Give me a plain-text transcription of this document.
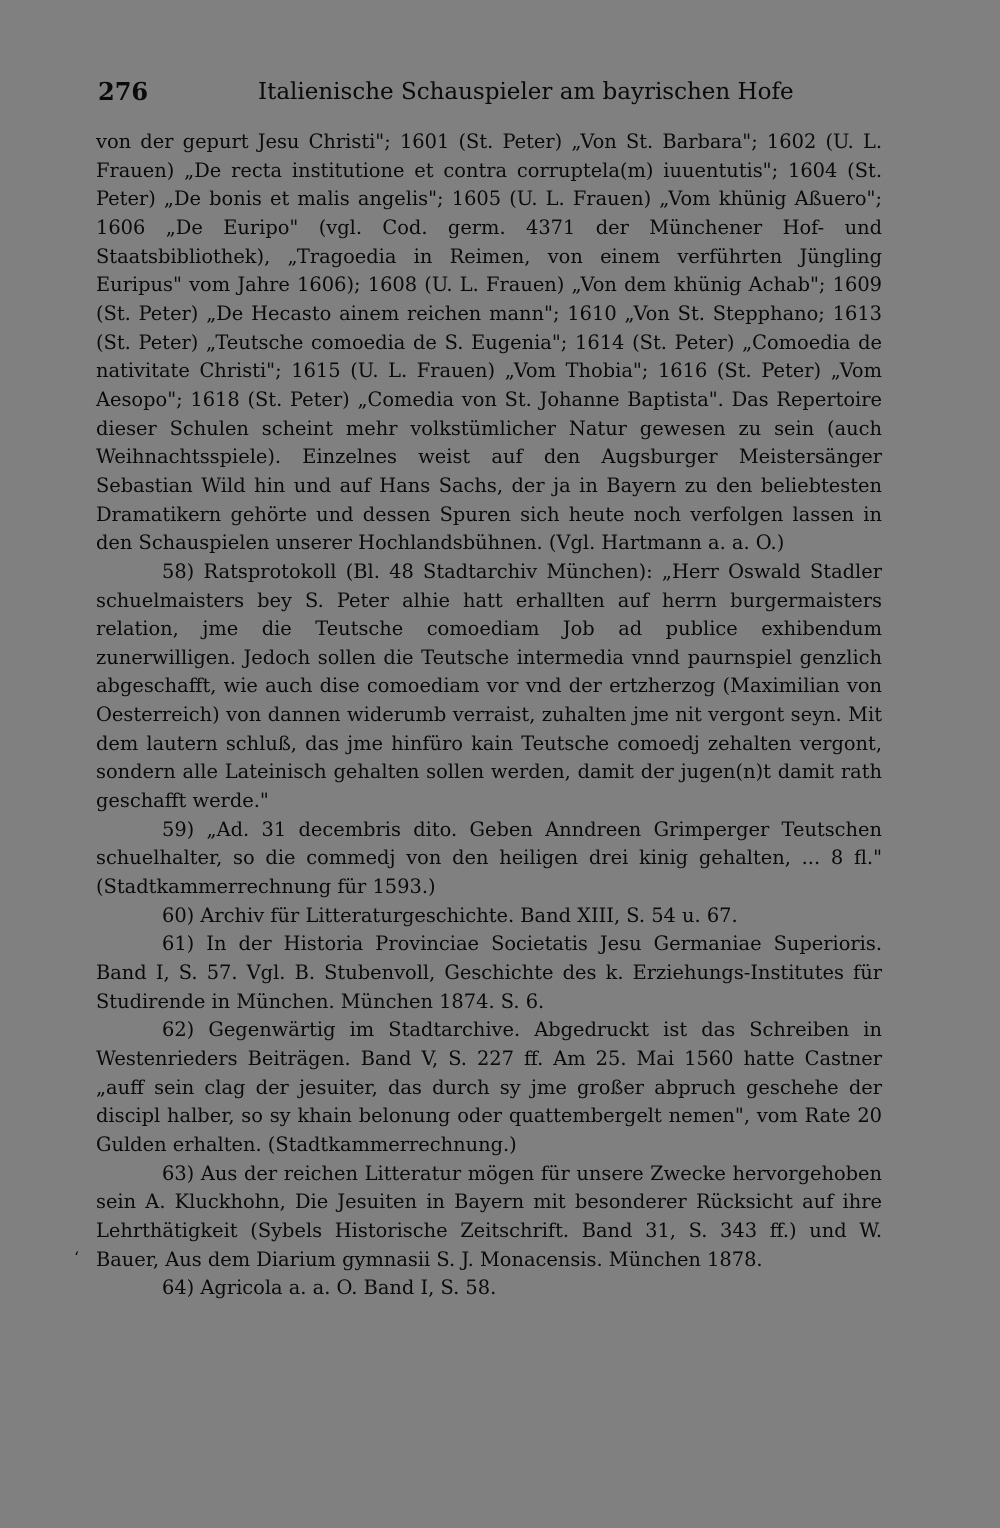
276	Italienische Schauspieler am bayrischen Hofe

von der gepurt Jesu Christi"; 1601 (St. Peter) „Von St. Barbara"; 1602 (U. L. Frauen) „De recta institutione et contra corruptela(m) iuuentutis"; 1604 (St. Peter) „De bonis et malis angelis"; 1605 (U. L. Frauen) „Vom khünig Aßuero"; 1606 „De Euripo" (vgl. Cod. germ. 4371 der Münchener Hof- und Staatsbibliothek), „Tragoedia in Reimen, von einem verführten Jüngling Euripus" vom Jahre 1606); 1608 (U. L. Frauen) „Von dem khünig Achab"; 1609 (St. Peter) „De Hecasto ainem reichen mann"; 1610 „Von St. Stepphano; 1613 (St. Peter) „Teutsche comoedia de S. Eugenia"; 1614 (St. Peter) „Comoedia de nativitate Christi"; 1615 (U. L. Frauen) „Vom Thobia"; 1616 (St. Peter) „Vom Aesopo"; 1618 (St. Peter) „Comedia von St. Johanne Baptista". Das Repertoire dieser Schulen scheint mehr volkstümlicher Natur gewesen zu sein (auch Weihnachtsspiele). Einzelnes weist auf den Augsburger Meistersänger Sebastian Wild hin und auf Hans Sachs, der ja in Bayern zu den beliebtesten Dramatikern gehörte und dessen Spuren sich heute noch verfolgen lassen in den Schauspielen unserer Hochlandsbühnen. (Vgl. Hartmann a. a. O.)

58) Ratsprotokoll (Bl. 48 Stadtarchiv München): „Herr Oswald Stadler schuelmaisters bey S. Peter alhie hatt erhallten auf herrn burgermaisters relation, jme die Teutsche comoediam Job ad publice exhibendum zunerwilligen. Jedoch sollen die Teutsche intermedia vnnd paurnspiel genzlich abgeschafft, wie auch dise comoediam vor vnd der ertzherzog (Maximilian von Oesterreich) von dannen widerumb verraist, zuhalten jme nit vergont seyn. Mit dem lautern schluß, das jme hinfüro kain Teutsche comoedj zehalten vergont, sondern alle Lateinisch gehalten sollen werden, damit der jugen(n)t damit rath geschafft werde."

59) „Ad. 31 decembris dito. Geben Anndreen Grimperger Teutschen schuelhalter, so die commedj von den heiligen drei kinig gehalten, ... 8 fl." (Stadtkammerrechnung für 1593.)

60) Archiv für Litteraturgeschichte. Band XIII, S. 54 u. 67.

61) In der Historia Provinciae Societatis Jesu Germaniae Superioris. Band I, S. 57. Vgl. B. Stubenvoll, Geschichte des k. Erziehungs-Institutes für Studirende in München. München 1874. S. 6.

62) Gegenwärtig im Stadtarchive. Abgedruckt ist das Schreiben in Westenrieders Beiträgen. Band V, S. 227 ff. Am 25. Mai 1560 hatte Castner „auff sein clag der jesuiter, das durch sy jme großer abpruch geschehe der discipl halber, so sy khain belonung oder quattembergelt nemen", vom Rate 20 Gulden erhalten. (Stadtkammerrechnung.)

63) Aus der reichen Litteratur mögen für unsere Zwecke hervorgehoben sein A. Kluckhohn, Die Jesuiten in Bayern mit besonderer Rücksicht auf ihre Lehrthätigkeit (Sybels Historische Zeitschrift. Band 31, S. 343 ff.) und W. Bauer, Aus dem Diarium gymnasii S. J. Monacensis. München 1878.

64) Agricola a. a. O. Band I, S. 58.

‘
